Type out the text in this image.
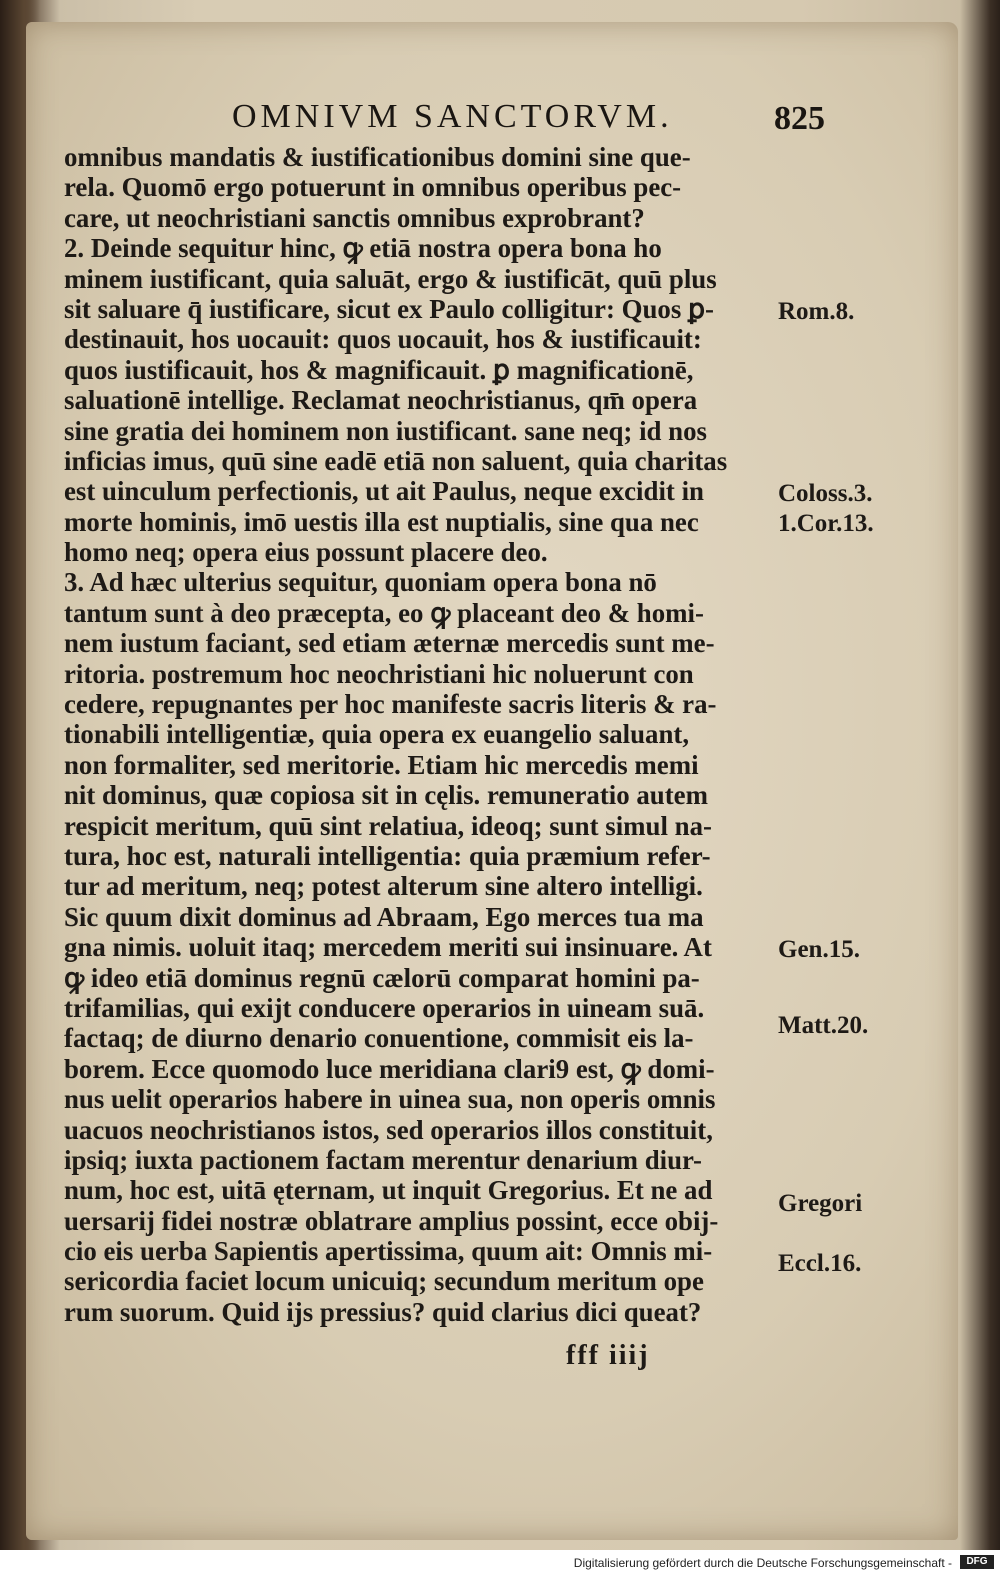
OMNIVM SANCTORVM.	825
omnibus mandatis & iustificationibus domini sine que-
rela. Quomō ergo potuerunt in omnibus operibus pec-
care, ut neochristiani sanctis omnibus exprobrant?
2. Deinde sequitur hinc, ꝙ etiā nostra opera bona ho
minem iustificant, quia saluāt, ergo & iustificāt, quū plus
sit saluare q̄ iustificare, sicut ex Paulo colligitur: Quos ꝑ-
destinauit, hos uocauit: quos uocauit, hos & iustificauit:
quos iustificauit, hos & magnificauit. ꝑ magnificationē,
saluationē intellige. Reclamat neochristianus, qm̄ opera
sine gratia dei hominem non iustificant. sane neq; id nos
inficias imus, quū sine eadē etiā non saluent, quia charitas
est uinculum perfectionis, ut ait Paulus, neque excidit in
morte hominis, imō uestis illa est nuptialis, sine qua nec
homo neq; opera eius possunt placere deo.
3. Ad hæc ulterius sequitur, quoniam opera bona nō
tantum sunt à deo præcepta, eo ꝙ placeant deo & homi-
nem iustum faciant, sed etiam æternæ mercedis sunt me-
ritoria. postremum hoc neochristiani hic noluerunt con
cedere, repugnantes per hoc manifeste sacris literis & ra-
tionabili intelligentiæ, quia opera ex euangelio saluant,
non formaliter, sed meritorie. Etiam hic mercedis memi
nit dominus, quæ copiosa sit in cęlis. remuneratio autem
respicit meritum, quū sint relatiua, ideoq; sunt simul na-
tura, hoc est, naturali intelligentia: quia præmium refer-
tur ad meritum, neq; potest alterum sine altero intelligi.
Sic quum dixit dominus ad Abraam, Ego merces tua ma
gna nimis. uoluit itaq; mercedem meriti sui insinuare. At
ꝙ ideo etiā dominus regnū cælorū comparat homini pa-
trifamilias, qui exijt conducere operarios in uineam suā.
factaq; de diurno denario conuentione, commisit eis la-
borem. Ecce quomodo luce meridiana clari9 est, ꝙ domi-
nus uelit operarios habere in uinea sua, non operis omnis
uacuos neochristianos istos, sed operarios illos constituit,
ipsiq; iuxta pactionem factam merentur denarium diur-
num, hoc est, uitā ęternam, ut inquit Gregorius. Et ne ad
uersarij fidei nostræ oblatrare amplius possint, ecce obij-
cio eis uerba Sapientis apertissima, quum ait: Omnis mi-
sericordia faciet locum unicuiq; secundum meritum ope
rum suorum. Quid ijs pressius? quid clarius dici queat?
Rom.8.
Coloss.3.
1.Cor.13.
Gen.15.
Matt.20.
Gregori
Eccl.16.
fff iiij
Digitalisierung gefördert durch die Deutsche Forschungsgemeinschaft -	DFG
